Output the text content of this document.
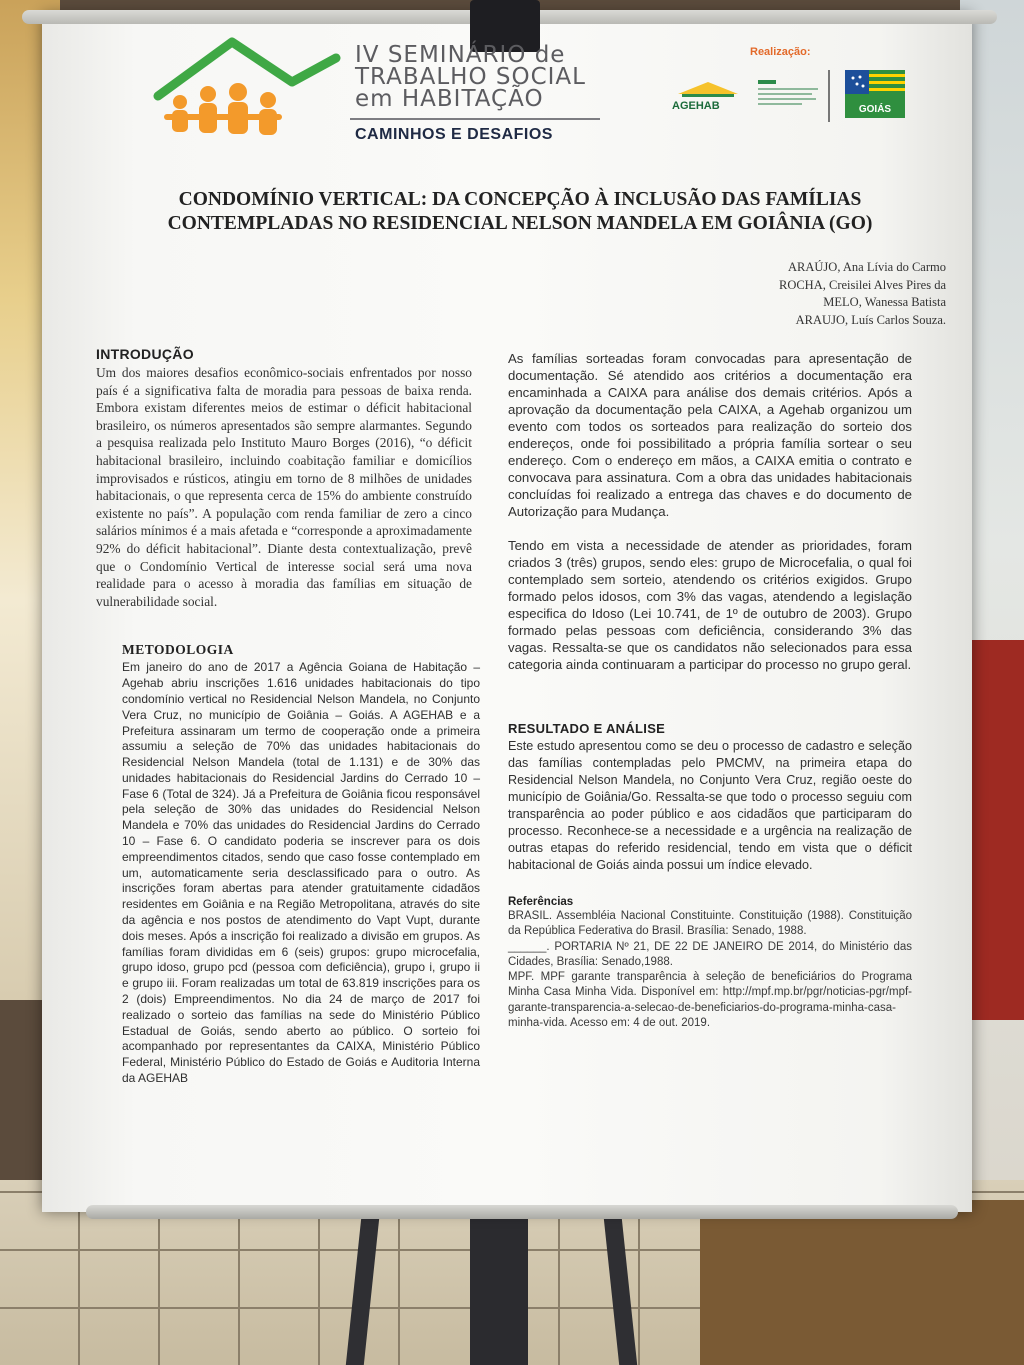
IV SEMINÁRIO de
TRABALHO SOCIAL
em HABITAÇÃO
CAMINHOS E DESAFIOS
Realização:
AGEHAB	GOIÁS
CONDOMÍNIO VERTICAL: DA CONCEPÇÃO À INCLUSÃO DAS FAMÍLIAS
CONTEMPLADAS NO RESIDENCIAL NELSON MANDELA EM GOIÂNIA (GO)
ARAÚJO, Ana Lívia do Carmo
ROCHA, Creisilei Alves Pires da
MELO, Wanessa Batista
ARAUJO, Luís Carlos Souza.
INTRODUÇÃO

Um dos maiores desafios econômico-sociais enfrentados por nosso país é a significativa falta de moradia para pessoas de baixa renda. Embora existam diferentes meios de estimar o déficit habitacional brasileiro, os números apresentados são sempre alarmantes. Segundo a pesquisa realizada pelo Instituto Mauro Borges (2016), “o déficit habitacional brasileiro, incluindo coabitação familiar e domicílios improvisados e rústicos, atingiu em torno de 8 milhões de unidades habitacionais, o que representa cerca de 15% do ambiente construído existente no país”. A população com renda familiar de zero a cinco salários mínimos é a mais afetada e “corresponde a aproximadamente 92% do déficit habitacional”. Diante desta contextualização, prevê que o Condomínio Vertical de interesse social será uma nova realidade para o acesso à moradia das famílias em situação de vulnerabilidade social.

METODOLOGIA

Em janeiro do ano de 2017 a Agência Goiana de Habitação – Agehab abriu inscrições 1.616 unidades habitacionais do tipo condomínio vertical no Residencial Nelson Mandela, no Conjunto Vera Cruz, no município de Goiânia – Goiás. A AGEHAB e a Prefeitura assinaram um termo de cooperação onde a primeira assumiu a seleção de 70% das unidades habitacionais do Residencial Nelson Mandela (total de 1.131) e de 30% das unidades habitacionais do Residencial Jardins do Cerrado 10 – Fase 6 (Total de 324). Já a Prefeitura de Goiânia ficou responsável pela seleção de 30% das unidades do Residencial Nelson Mandela e 70% das unidades do Residencial Jardins do Cerrado 10 – Fase 6. O candidato poderia se inscrever para os dois empreendimentos citados, sendo que caso fosse contemplado em um, automaticamente seria desclassificado para o outro. As inscrições foram abertas para atender gratuitamente cidadãos residentes em Goiânia e na Região Metropolitana, através do site da agência e nos postos de atendimento do Vapt Vupt, durante dois meses. Após a inscrição foi realizado a divisão em grupos. As famílias foram divididas em 6 (seis) grupos: grupo microcefalia, grupo idoso, grupo pcd (pessoa com deficiência), grupo i, grupo ii e grupo iii. Foram realizadas um total de 63.819 inscrições para os 2 (dois) Empreendimentos. No dia 24 de março de 2017 foi realizado o sorteio das famílias na sede do Ministério Público Estadual de Goiás, sendo aberto ao público. O sorteio foi acompanhado por representantes da CAIXA, Ministério Público Federal, Ministério Público do Estado de Goiás e Auditoria Interna da AGEHAB

As famílias sorteadas foram convocadas para apresentação de documentação. Sé atendido aos critérios a documentação era encaminhada a CAIXA para análise dos demais critérios. Após a aprovação da documentação pela CAIXA, a Agehab organizou um evento com todos os sorteados para realização do sorteio dos endereços, onde foi possibilitado a própria família sortear o seu endereço. Com o endereço em mãos, a CAIXA emitia o contrato e convocava para assinatura. Com a obra das unidades habitacionais concluídas foi realizado a entrega das chaves e do documento de Autorização para Mudança.

Tendo em vista a necessidade de atender as prioridades, foram criados 3 (três) grupos, sendo eles: grupo de Microcefalia, o qual foi contemplado sem sorteio, atendendo os critérios exigidos. Grupo formado pelos idosos, com 3% das vagas, atendendo a legislação especifica do Idoso (Lei 10.741, de 1º de outubro de 2003). Grupo formado pelas pessoas com deficiência, considerando 3% das vagas. Ressalta-se que os candidatos não selecionados para essa categoria ainda continuaram a participar do processo no grupo geral.

RESULTADO E ANÁLISE

Este estudo apresentou como se deu o processo de cadastro e seleção das famílias contempladas pelo PMCMV, na primeira etapa do Residencial Nelson Mandela, no Conjunto Vera Cruz, região oeste do município de Goiânia/Go. Ressalta-se que todo o processo seguiu com transparência ao poder público e aos cidadãos que participaram do processo. Reconhece-se a necessidade e a urgência na realização de outras etapas do referido residencial, tendo em vista que o déficit habitacional de Goiás ainda possui um índice elevado.

Referências

BRASIL. Assembléia Nacional Constituinte. Constituição (1988). Constituição da República Federativa do Brasil. Brasília: Senado, 1988.

______. PORTARIA Nº 21, DE 22 DE JANEIRO DE 2014, do Ministério das Cidades, Brasília: Senado,1988.

MPF. MPF garante transparência à seleção de beneficiários do Programa Minha Casa Minha Vida. Disponível em: http://mpf.mp.br/pgr/noticias-pgr/mpf-garante-transparencia-a-selecao-de-beneficiarios-do-programa-minha-casa-minha-vida. Acesso em: 4 de out. 2019.
